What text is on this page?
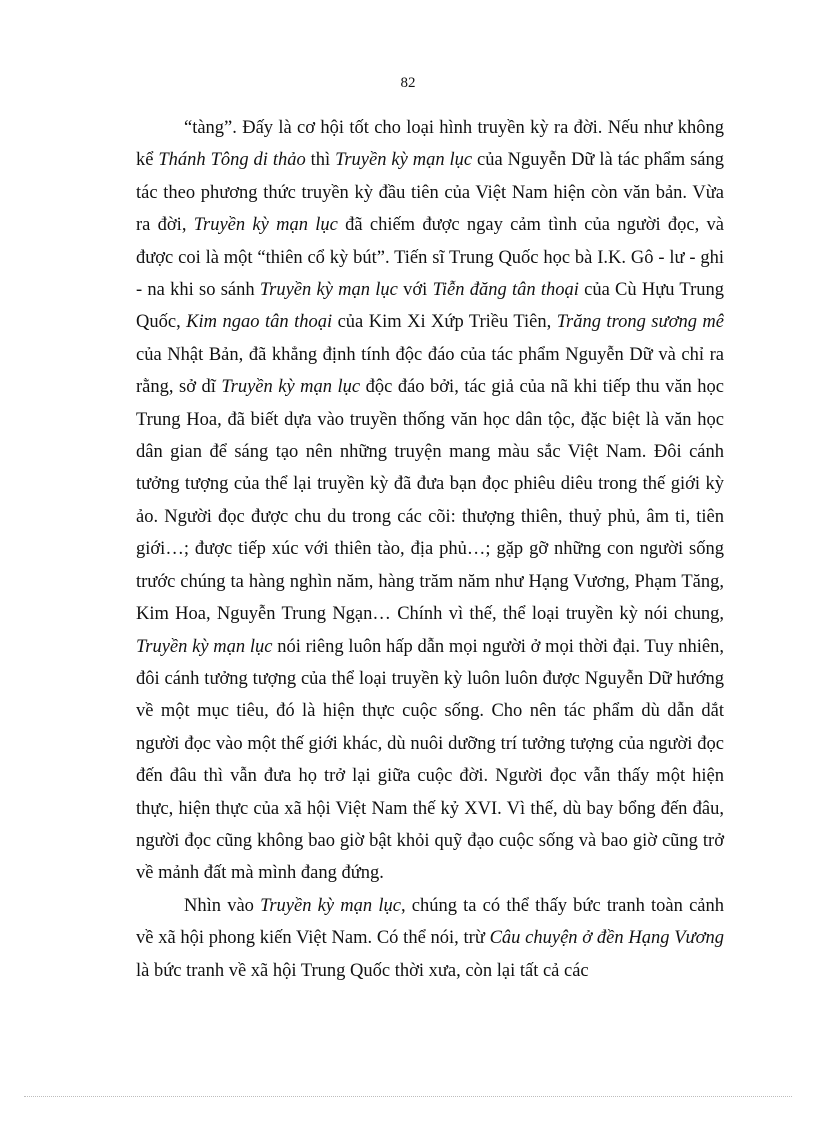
82

“tàng”. Đấy là cơ hội tốt cho loại hình truyền kỳ ra đời. Nếu như không kể Thánh Tông di thảo thì Truyền kỳ mạn lục của Nguyễn Dữ là tác phẩm sáng tác theo phương thức truyền kỳ đầu tiên của Việt Nam hiện còn văn bản. Vừa ra đời, Truyền kỳ mạn lục đã chiếm được ngay cảm tình của người đọc, và được coi là một “thiên cổ kỳ bút”. Tiến sĩ Trung Quốc học bà I.K. Gô - lư - ghi - na khi so sánh Truyền kỳ mạn lục với Tiễn đăng tân thoại của Cù Hựu Trung Quốc, Kim ngao tân thoại của Kim Xi Xứp Triều Tiên, Trăng trong sương mê của Nhật Bản, đã khẳng định tính độc đáo của tác phẩm Nguyễn Dữ và chỉ ra rằng, sở dĩ Truyền kỳ mạn lục độc đáo bởi, tác giả của nã khi tiếp thu văn học Trung Hoa, đã biết dựa vào truyền thống văn học dân tộc, đặc biệt là văn học dân gian để sáng tạo nên những truyện mang màu sắc Việt Nam. Đôi cánh tưởng tượng của thể lại truyền kỳ đã đưa bạn đọc phiêu diêu trong thế giới kỳ ảo. Người đọc được chu du trong các cõi: thượng thiên, thuỷ phủ, âm ti, tiên giới…; được tiếp xúc với thiên tào, địa phủ…; gặp gỡ những con người sống trước chúng ta hàng nghìn năm, hàng trăm năm như Hạng Vương, Phạm Tăng, Kim Hoa, Nguyễn Trung Ngạn… Chính vì thế, thể loại truyền kỳ nói chung, Truyền kỳ mạn lục nói riêng luôn hấp dẫn mọi người ở mọi thời đại. Tuy nhiên, đôi cánh tưởng tượng của thể loại truyền kỳ luôn luôn được Nguyễn Dữ hướng về một mục tiêu, đó là hiện thực cuộc sống. Cho nên tác phẩm dù dẫn dắt người đọc vào một thế giới khác, dù nuôi dưỡng trí tưởng tượng của người đọc đến đâu thì vẫn đưa họ trở lại giữa cuộc đời. Người đọc vẫn thấy một hiện thực, hiện thực của xã hội Việt Nam thế kỷ XVI. Vì thế, dù bay bổng đến đâu, người đọc cũng không bao giờ bật khỏi quỹ đạo cuộc sống và bao giờ cũng trở về mảnh đất mà mình đang đứng.

Nhìn vào Truyền kỳ mạn lục, chúng ta có thể thấy bức tranh toàn cảnh về xã hội phong kiến Việt Nam. Có thể nói, trừ Câu chuyện ở đền Hạng Vương là bức tranh về xã hội Trung Quốc thời xưa, còn lại tất cả các
